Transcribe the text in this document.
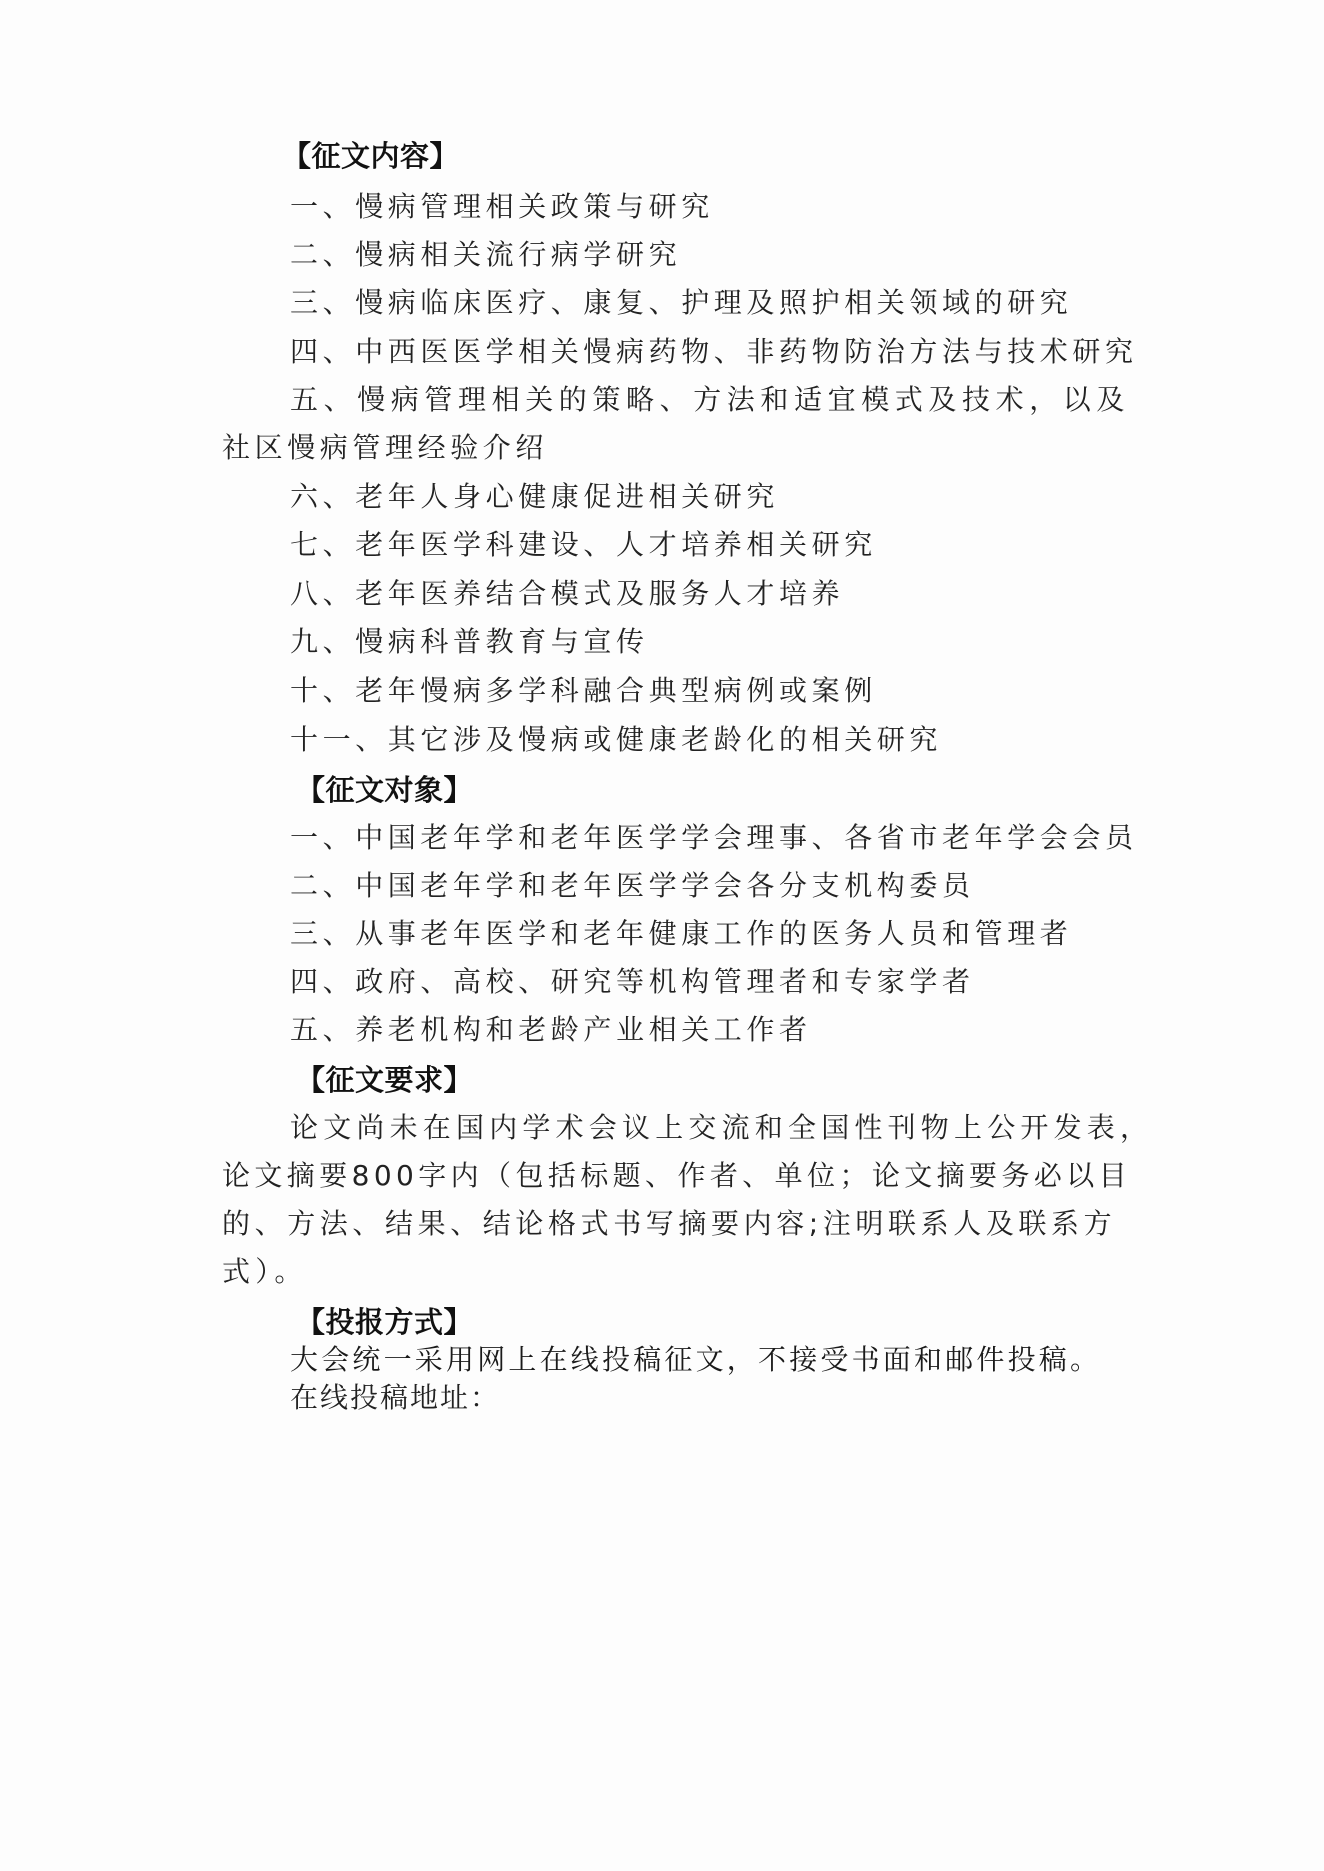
【征文内容】
一、慢病管理相关政策与研究
二、慢病相关流行病学研究
三、慢病临床医疗、康复、护理及照护相关领域的研究
四、中西医医学相关慢病药物、非药物防治方法与技术研究
五、慢病管理相关的策略、方法和适宜模式及技术，以及
社区慢病管理经验介绍
六、老年人身心健康促进相关研究
七、老年医学科建设、人才培养相关研究
八、老年医养结合模式及服务人才培养
九、慢病科普教育与宣传
十、老年慢病多学科融合典型病例或案例
十一、其它涉及慢病或健康老龄化的相关研究
【征文对象】
一、中国老年学和老年医学学会理事、各省市老年学会会员
二、中国老年学和老年医学学会各分支机构委员
三、从事老年医学和老年健康工作的医务人员和管理者
四、政府、高校、研究等机构管理者和专家学者
五、养老机构和老龄产业相关工作者
【征文要求】
论文尚未在国内学术会议上交流和全国性刊物上公开发表，
论文摘要800字内（包括标题、作者、单位；论文摘要务必以目
的、方法、结果、结论格式书写摘要内容;注明联系人及联系方
式）。
【投报方式】
大会统一采用网上在线投稿征文，不接受书面和邮件投稿。
在线投稿地址：
